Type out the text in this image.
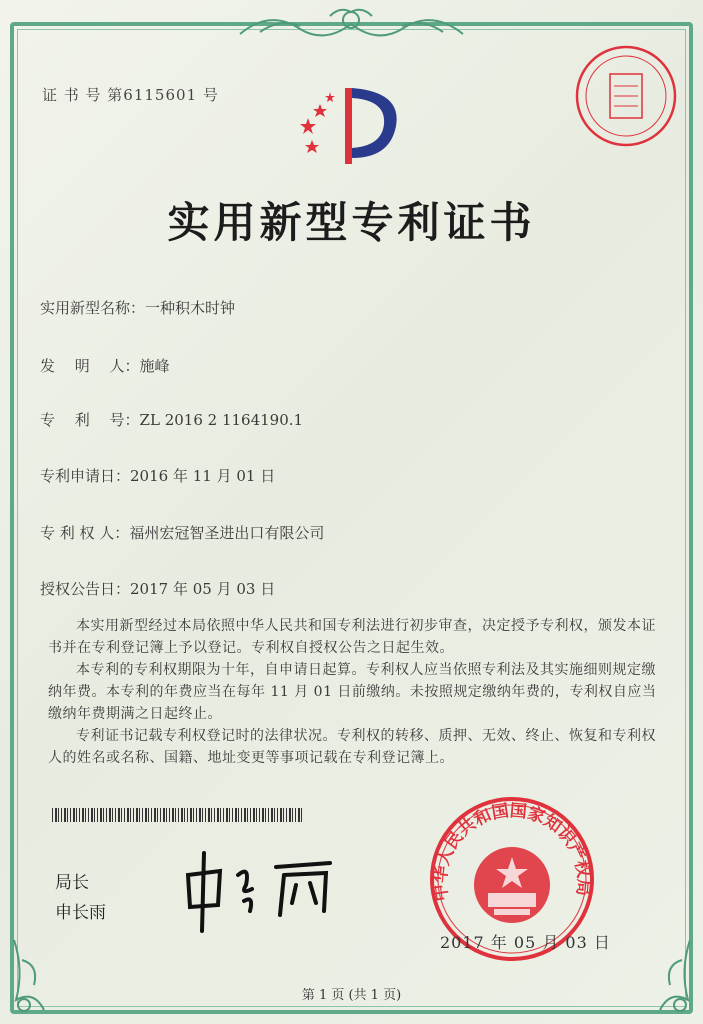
证 书 号 第6115601 号
实用新型专利证书
实用新型名称：一种积木时钟
发　 明　 人：施峰
专　 利　 号：ZL 2016 2 1164190.1
专利申请日：2016 年 11 月 01 日
专 利 权 人：福州宏冠智圣进出口有限公司
授权公告日：2017 年 05 月 03 日
本实用新型经过本局依照中华人民共和国专利法进行初步审查，决定授予专利权，颁发本证书并在专利登记簿上予以登记。专利权自授权公告之日起生效。
本专利的专利权期限为十年，自申请日起算。专利权人应当依照专利法及其实施细则规定缴纳年费。本专利的年费应当在每年 11 月 01 日前缴纳。未按照规定缴纳年费的，专利权自应当缴纳年费期满之日起终止。
专利证书记载专利权登记时的法律状况。专利权的转移、质押、无效、终止、恢复和专利权人的姓名或名称、国籍、地址变更等事项记载在专利登记簿上。
局长
申长雨
中华人民共和国国家知识产权局
2017 年 05 月 03 日
第 1 页 (共 1 页)
